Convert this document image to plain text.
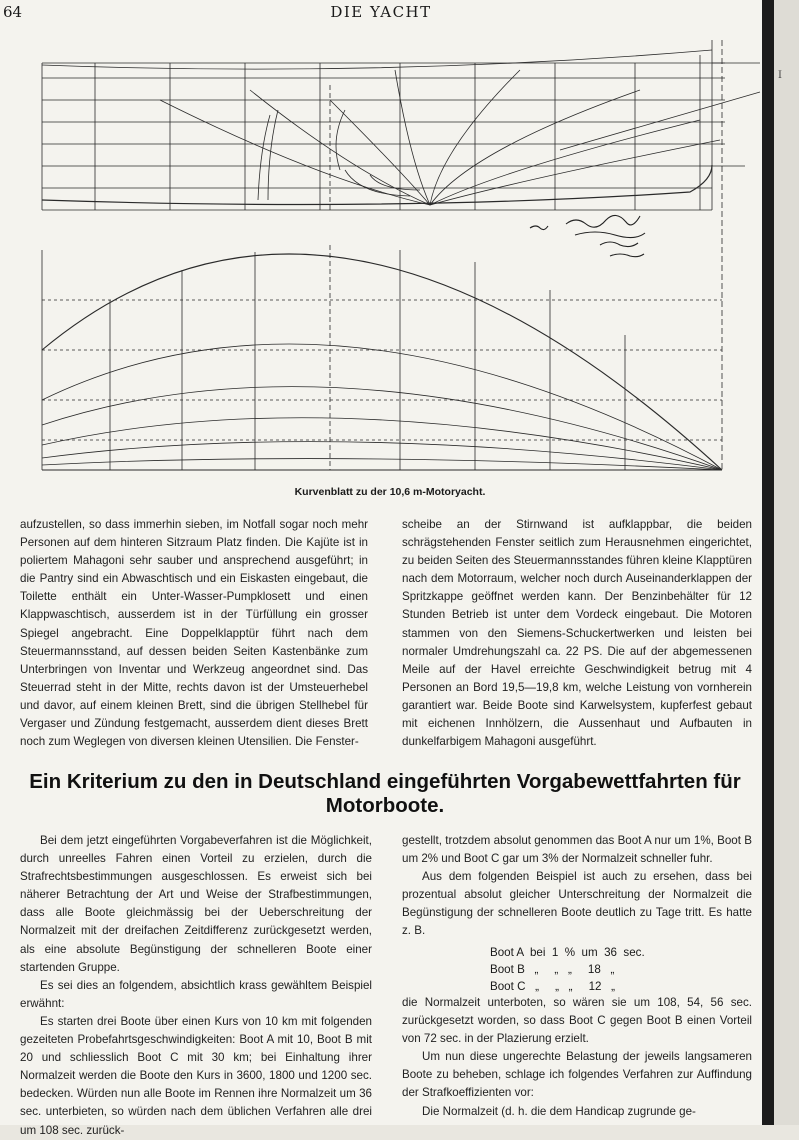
I
64	DIE YACHT
Kurvenblatt zu der 10,6 m-Motoryacht.

aufzustellen, so dass immerhin sieben, im Notfall sogar noch mehr Personen auf dem hinteren Sitzraum Platz finden. Die Kajüte ist in poliertem Mahagoni sehr sauber und ansprechend ausgeführt; in die Pantry sind ein Abwaschtisch und ein Eiskasten eingebaut, die Toilette enthält ein Unter-Wasser-Pumpklosett und einen Klappwaschtisch, ausserdem ist in der Türfüllung ein grosser Spiegel angebracht. Eine Doppelklapptür führt nach dem Steuermannsstand, auf dessen beiden Seiten Kastenbänke zum Unterbringen von Inventar und Werkzeug angeordnet sind. Das Steuerrad steht in der Mitte, rechts davon ist der Umsteuerhebel und davor, auf einem kleinen Brett, sind die übrigen Stellhebel für Vergaser und Zündung festgemacht, ausserdem dient dieses Brett noch zum Weglegen von diversen kleinen Utensilien. Die Fenster-

scheibe an der Stirnwand ist aufklappbar, die beiden schrägstehenden Fenster seitlich zum Herausnehmen eingerichtet, zu beiden Seiten des Steuermannsstandes führen kleine Klapptüren nach dem Motorraum, welcher noch durch Auseinanderklappen der Spritzkappe geöffnet werden kann. Der Benzinbehälter für 12 Stunden Betrieb ist unter dem Vordeck eingebaut. Die Motoren stammen von den Siemens-Schuckertwerken und leisten bei normaler Umdrehungszahl ca. 22 PS. Die auf der abgemessenen Meile auf der Havel erreichte Geschwindigkeit betrug mit 4 Personen an Bord 19,5—19,8 km, welche Leistung von vornherein garantiert war. Beide Boote sind Karwelsystem, kupferfest gebaut mit eichenen Innhölzern, die Aussenhaut und Aufbauten in dunkelfarbigem Mahagoni ausgeführt.

Ein Kriterium zu den in Deutschland eingeführten Vorgabewettfahrten für Motorboote.

Bei dem jetzt eingeführten Vorgabeverfahren ist die Möglichkeit, durch unreelles Fahren einen Vorteil zu erzielen, durch die Strafrechtsbestimmungen ausgeschlossen. Es erweist sich bei näherer Betrachtung der Art und Weise der Strafbestimmungen, dass alle Boote gleichmässig bei der Ueberschreitung der Normalzeit mit der dreifachen Zeitdifferenz zurückgesetzt werden, als eine absolute Begünstigung der schnelleren Boote einer startenden Gruppe.

Es sei dies an folgendem, absichtlich krass gewähltem Beispiel erwähnt:

Es starten drei Boote über einen Kurs von 10 km mit folgenden gezeiteten Probefahrtsgeschwindigkeiten: Boot A mit 10, Boot B mit 20 und schliesslich Boot C mit 30 km; bei Einhaltung ihrer Normalzeit werden die Boote den Kurs in 3600, 1800 und 1200 sec. bedecken. Würden nun alle Boote im Rennen ihre Normalzeit um 36 sec. unterbieten, so würden nach dem üblichen Verfahren alle drei um 108 sec. zurück-

gestellt, trotzdem absolut genommen das Boot A nur um 1%, Boot B um 2% und Boot C gar um 3% der Normalzeit schneller fuhr.

Aus dem folgenden Beispiel ist auch zu ersehen, dass bei prozentual absolut gleicher Unterschreitung der Normalzeit die Begünstigung der schnelleren Boote deutlich zu Tage tritt. Es hatte z. B.

Boot A  bei  1  %  um  36  sec.
Boot B   „     „   „     18   „
Boot C   „     „   „     12   „

die Normalzeit unterboten, so wären sie um 108, 54, 56 sec. zurückgesetzt worden, so dass Boot C gegen Boot B einen Vorteil von 72 sec. in der Plazierung erzielt.

Um nun diese ungerechte Belastung der jeweils langsameren Boote zu beheben, schlage ich folgendes Verfahren zur Auffindung der Strafkoeffizienten vor:

Die Normalzeit (d. h. die dem Handicap zugrunde ge-
